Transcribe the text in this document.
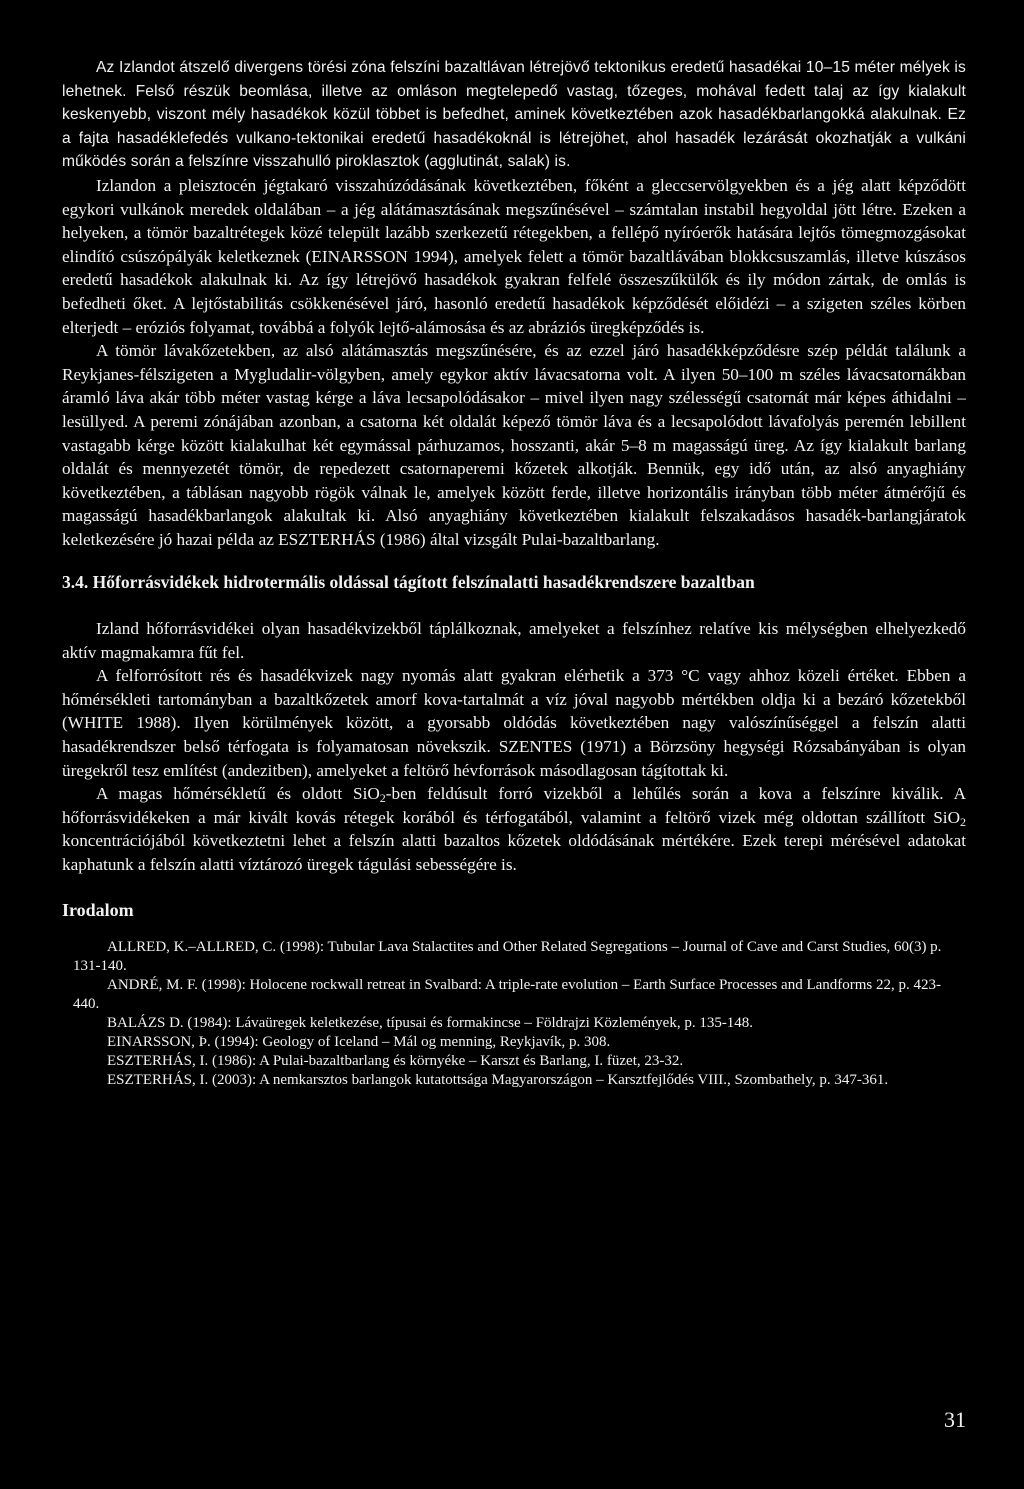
Az Izlandot átszelő divergens törési zóna felszíni bazaltlávan létrejövő tektonikus eredetű hasadékai 10–15 méter mélyek is lehetnek. Felső részük beomlása, illetve az omláson megtelepedő vastag, tőzeges, mohával fedett talaj az így kialakult keskenyebb, viszont mély hasadékok közül többet is befedhet, aminek következtében azok hasadékbarlangokká alakulnak. Ez a fajta hasadéklefedés vulkano-tektonikai eredetű hasadékoknál is létrejöhet, ahol hasadék lezárását okozhatják a vulkáni működés során a felszínre visszahulló piroklasztok (agglutinát, salak) is.

Izlandon a pleisztocén jégtakaró visszahúzódásának következtében, főként a gleccservölgyekben és a jég alatt képződött egykori vulkánok meredek oldalában – a jég alátámasztásának megszűnésével – számtalan instabil hegyoldal jött létre. Ezeken a helyeken, a tömör bazaltrétegek közé települt lazább szerkezetű rétegekben, a fellépő nyíróerők hatására lejtős tömegmozgásokat elindító csúszópályák keletkeznek (EINARSSON 1994), amelyek felett a tömör bazaltlávában blokkcsuszamlás, illetve kúszásos eredetű hasadékok alakulnak ki. Az így létrejövő hasadékok gyakran felfelé összeszűkülők és ily módon zártak, de omlás is befedheti őket. A lejtőstabilitás csökkenésével járó, hasonló eredetű hasadékok képződését előidézi – a szigeten széles körben elterjedt – eróziós folyamat, továbbá a folyók lejtő-alámosása és az abráziós üregképződés is.

A tömör lávakőzetekben, az alsó alátámasztás megszűnésére, és az ezzel járó hasadékképződésre szép példát találunk a Reykjanes-félszigeten a Mygludalir-völgyben, amely egykor aktív lávacsatorna volt. A ilyen 50–100 m széles lávacsatornákban áramló láva akár több méter vastag kérge a láva lecsapolódásakor – mivel ilyen nagy szélességű csatornát már képes áthidalni – lesüllyed. A peremi zónájában azonban, a csatorna két oldalát képező tömör láva és a lecsapolódott lávafolyás peremén lebillent vastagabb kérge között kialakulhat két egymással párhuzamos, hosszanti, akár 5–8 m magasságú üreg. Az így kialakult barlang oldalát és mennyezetét tömör, de repedezett csatornaperemi kőzetek alkotják. Bennük, egy idő után, az alsó anyaghiány következtében, a táblásan nagyobb rögök válnak le, amelyek között ferde, illetve horizontális irányban több méter átmérőjű és magasságú hasadékbarlangok alakultak ki. Alsó anyaghiány következtében kialakult felszakadásos hasadék-barlangjáratok keletkezésére jó hazai példa az ESZTERHÁS (1986) által vizsgált Pulai-bazaltbarlang.

3.4. Hőforrásvidékek hidrotermális oldással tágított felszínalatti hasadékrendszere bazaltban

Izland hőforrásvidékei olyan hasadékvizekből táplálkoznak, amelyeket a felszínhez relatíve kis mélységben elhelyezkedő aktív magmakamra fűt fel.

A felforrósított rés és hasadékvizek nagy nyomás alatt gyakran elérhetik a 373 °C vagy ahhoz közeli értéket. Ebben a hőmérsékleti tartományban a bazaltkőzetek amorf kova-tartalmát a víz jóval nagyobb mértékben oldja ki a bezáró kőzetekből (WHITE 1988). Ilyen körülmények között, a gyorsabb oldódás következtében nagy valószínűséggel a felszín alatti hasadékrendszer belső térfogata is folyamatosan növekszik. SZENTES (1971) a Börzsöny hegységi Rózsabányában is olyan üregekről tesz említést (andezitben), amelyeket a feltörő hévforrások másodlagosan tágítottak ki.

A magas hőmérsékletű és oldott SiO$_2$-ben feldúsult forró vizekből a lehűlés során a kova a felszínre kiválik. A hőforrásvidékeken a már kivált kovás rétegek korából és térfogatából, valamint a feltörő vizek még oldottan szállított SiO$_2$ koncentrációjából következtetni lehet a felszín alatti bazaltos kőzetek oldódásának mértékére. Ezek terepi mérésével adatokat kaphatunk a felszín alatti víztározó üregek tágulási sebességére is.

Irodalom

ALLRED, K.–ALLRED, C. (1998): Tubular Lava Stalactites and Other Related Segregations – Journal of Cave and Carst Studies, 60(3) p. 131-140.

ANDRÉ, M. F. (1998): Holocene rockwall retreat in Svalbard: A triple-rate evolution – Earth Surface Processes and Landforms 22, p. 423-440.

BALÁZS D. (1984): Lávaüregek keletkezése, típusai és formakincse – Földrajzi Közlemények, p. 135-148.

EINARSSON, Þ. (1994): Geology of Iceland – Mál og menning, Reykjavík, p. 308.

ESZTERHÁS, I. (1986): A Pulai-bazaltbarlang és környéke – Karszt és Barlang, I. füzet, 23-32.

ESZTERHÁS, I. (2003): A nemkarsztos barlangok kutatottsága Magyarországon – Karsztfejlődés VIII., Szombathely, p. 347-361.

31
